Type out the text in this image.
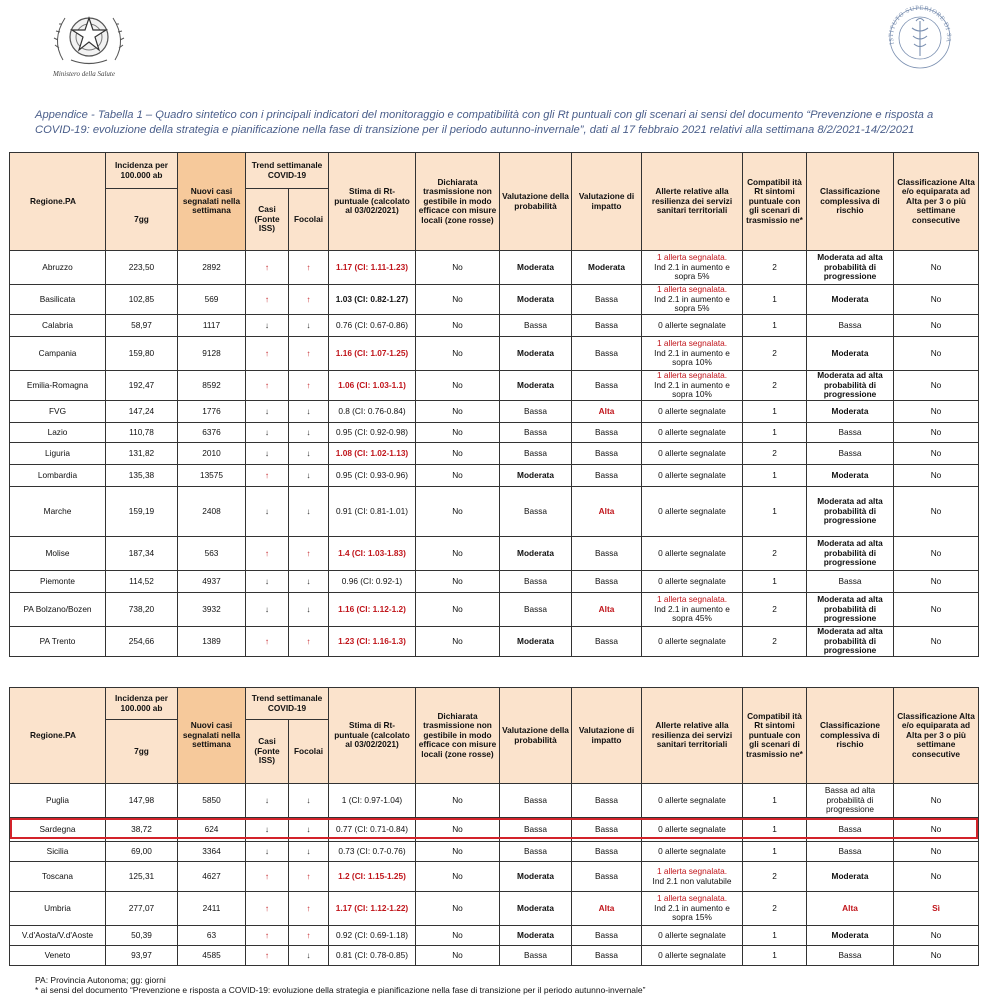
Ministero della Salute
ISTITUTO SUPERIORE DI SA
Appendice - Tabella 1 – Quadro sintetico con i principali indicatori del monitoraggio e compatibilità con gli Rt puntuali con gli scenari ai sensi del documento “Prevenzione e risposta a COVID-19: evoluzione della strategia e pianificazione nella fase di transizione per il periodo autunno-invernale”, dati al 17 febbraio 2021 relativi alla settimana 8/2/2021-14/2/2021
Regione.PA	Incidenza per 100.000 ab	Nuovi casi segnalati nella settimana	Trend settimanale COVID-19		Stima di Rt- puntuale (calcolato al 03/02/2021)	Dichiarata trasmissione non gestibile in modo efficace con misure locali (zone rosse)	Valutazione della probabilità	Valutazione di impatto	Allerte relative alla resilienza dei servizi sanitari territoriali	Compatibil ità Rt sintomi puntuale con gli scenari di trasmissio ne*	Classificazione complessiva di rischio	Classificazione Alta e/o equiparata ad Alta per 3 o più settimane consecutive
	7gg		Casi (Fonte ISS)	Focolai								
Abruzzo	223,50	2892	↑	↑	1.17 (CI: 1.11-1.23)	No	Moderata	Moderata	1 allerta segnalata.
Ind 2.1 in aumento e sopra 5%	2	Moderata ad alta probabilità di progressione	No
Basilicata	102,85	569	↑	↑	1.03 (CI: 0.82-1.27)	No	Moderata	Bassa	1 allerta segnalata.
Ind 2.1 in aumento e sopra 5%	1	Moderata	No
Calabria	58,97	1117	↓	↓	0.76 (CI: 0.67-0.86)	No	Bassa	Bassa	0 allerte segnalate	1	Bassa	No
Campania	159,80	9128	↑	↑	1.16 (CI: 1.07-1.25)	No	Moderata	Bassa	1 allerta segnalata.
Ind 2.1 in aumento e sopra 10%	2	Moderata	No
Emilia-Romagna	192,47	8592	↑	↑	1.06 (CI: 1.03-1.1)	No	Moderata	Bassa	1 allerta segnalata.
Ind 2.1 in aumento e sopra 10%	2	Moderata ad alta probabilità di progressione	No
FVG	147,24	1776	↓	↓	0.8 (CI: 0.76-0.84)	No	Bassa	Alta	0 allerte segnalate	1	Moderata	No
Lazio	110,78	6376	↓	↓	0.95 (CI: 0.92-0.98)	No	Bassa	Bassa	0 allerte segnalate	1	Bassa	No
Liguria	131,82	2010	↓	↓	1.08 (CI: 1.02-1.13)	No	Bassa	Bassa	0 allerte segnalate	2	Bassa	No
Lombardia	135,38	13575	↑	↓	0.95 (CI: 0.93-0.96)	No	Moderata	Bassa	0 allerte segnalate	1	Moderata	No
Marche	159,19	2408	↓	↓	0.91 (CI: 0.81-1.01)	No	Bassa	Alta	0 allerte segnalate	1	Moderata ad alta probabilità di progressione	No
Molise	187,34	563	↑	↑	1.4 (CI: 1.03-1.83)	No	Moderata	Bassa	0 allerte segnalate	2	Moderata ad alta probabilità di progressione	No
Piemonte	114,52	4937	↓	↓	0.96 (CI: 0.92-1)	No	Bassa	Bassa	0 allerte segnalate	1	Bassa	No
PA Bolzano/Bozen	738,20	3932	↓	↓	1.16 (CI: 1.12-1.2)	No	Bassa	Alta	1 allerta segnalata.
Ind 2.1 in aumento e sopra 45%	2	Moderata ad alta probabilità di progressione	No
PA Trento	254,66	1389	↑	↑	1.23 (CI: 1.16-1.3)	No	Moderata	Bassa	0 allerte segnalate	2	Moderata ad alta probabilità di progressione	No
Regione.PA	Incidenza per 100.000 ab	Nuovi casi segnalati nella settimana	Trend settimanale COVID-19		Stima di Rt- puntuale (calcolato al 03/02/2021)	Dichiarata trasmissione non gestibile in modo efficace con misure locali (zone rosse)	Valutazione della probabilità	Valutazione di impatto	Allerte relative alla resilienza dei servizi sanitari territoriali	Compatibil ità Rt sintomi puntuale con gli scenari di trasmissio ne*	Classificazione complessiva di rischio	Classificazione Alta e/o equiparata ad Alta per 3 o più settimane consecutive
	7gg		Casi (Fonte ISS)	Focolai								
Puglia	147,98	5850	↓	↓	1 (CI: 0.97-1.04)	No	Bassa	Bassa	0 allerte segnalate	1	Bassa ad alta probabilità di progressione	No
Sardegna	38,72	624	↓	↓	0.77 (CI: 0.71-0.84)	No	Bassa	Bassa	0 allerte segnalate	1	Bassa	No
Sicilia	69,00	3364	↓	↓	0.73 (CI: 0.7-0.76)	No	Bassa	Bassa	0 allerte segnalate	1	Bassa	No
Toscana	125,31	4627	↑	↑	1.2 (CI: 1.15-1.25)	No	Moderata	Bassa	1 allerta segnalata.
Ind 2.1 non valutabile	2	Moderata	No
Umbria	277,07	2411	↑	↑	1.17 (CI: 1.12-1.22)	No	Moderata	Alta	1 allerta segnalata.
Ind 2.1 in aumento e sopra 15%	2	Alta	Sì
V.d'Aosta/V.d'Aoste	50,39	63	↑	↑	0.92 (CI: 0.69-1.18)	No	Moderata	Bassa	0 allerte segnalate	1	Moderata	No
Veneto	93,97	4585	↑	↓	0.81 (CI: 0.78-0.85)	No	Bassa	Bassa	0 allerte segnalate	1	Bassa	No
PA: Provincia Autonoma; gg: giorni
* ai sensi del documento “Prevenzione e risposta a COVID-19: evoluzione della strategia e pianificazione nella fase di transizione per il periodo autunno-invernale”
